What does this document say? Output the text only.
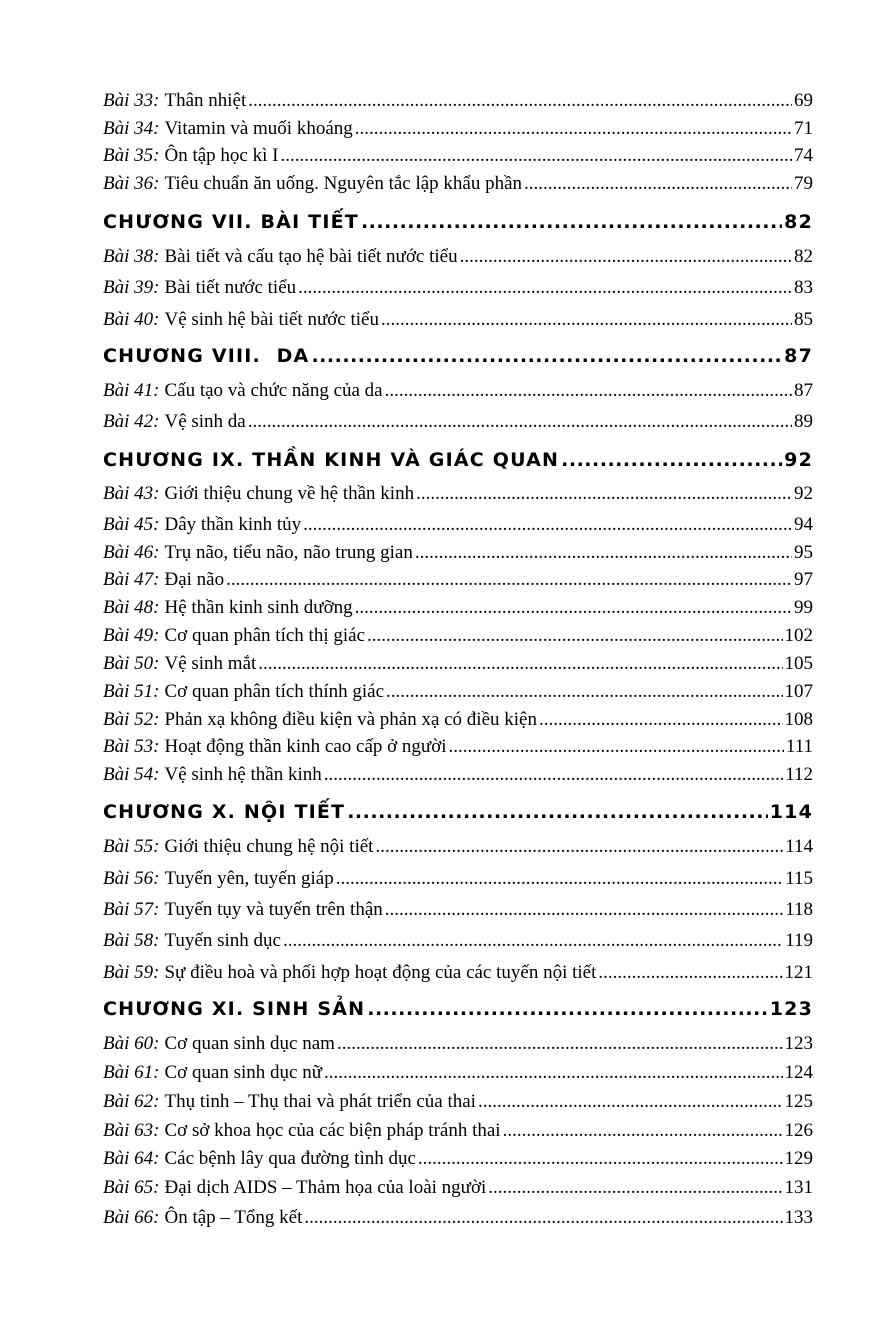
Bài 33: Thân nhiệt .....	69
Bài 34: Vitamin và muối khoáng .....	71
Bài 35: Ôn tập học kì I .....	74
Bài 36: Tiêu chuẩn ăn uống. Nguyên tắc lập khẩu phần .....	79
CHƯƠNG VII. BÀI TIẾT .....	82
Bài 38: Bài tiết và cấu tạo hệ bài tiết nước tiểu .....	82
Bài 39: Bài tiết nước tiểu .....	83
Bài 40: Vệ sinh hệ bài tiết nước tiểu .....	85
CHƯƠNG VIII.  DA .....	87
Bài 41: Cấu tạo và chức năng của da .....	87
Bài 42: Vệ sinh da .....	89
CHƯƠNG IX. THẦN KINH VÀ GIÁC QUAN .....	92
Bài 43: Giới thiệu chung về hệ thần kinh .....	92
Bài 45: Dây thần kinh tủy .....	94
Bài 46: Trụ não, tiểu não, não trung gian .....	95
Bài 47: Đại não .....	97
Bài 48: Hệ thần kinh sinh dưỡng .....	99
Bài 49: Cơ quan phân tích thị giác .....	102
Bài 50: Vệ sinh mắt .....	105
Bài 51: Cơ quan phân tích thính giác .....	107
Bài 52: Phản xạ không điều kiện và phản xạ có điều kiện .....	108
Bài 53: Hoạt động thần kinh cao cấp ở người .....	111
Bài 54: Vệ sinh hệ thần kinh .....	112
CHƯƠNG X. NỘI TIẾT .....	114
Bài 55: Giới thiệu chung hệ nội tiết .....	114
Bài 56: Tuyến yên, tuyến giáp .....	115
Bài 57: Tuyến tụy và tuyến trên thận .....	118
Bài 58: Tuyến sinh dục .....	119
Bài 59: Sự điều hoà và phối hợp hoạt động của các tuyến nội tiết .....	121
CHƯƠNG XI. SINH SẢN .....	123
Bài 60: Cơ quan sinh dục nam .....	123
Bài 61: Cơ quan sinh dục nữ .....	124
Bài 62: Thụ tinh – Thụ thai và phát triển của thai .....	125
Bài 63: Cơ sở khoa học của các biện pháp tránh thai .....	126
Bài 64: Các bệnh lây qua đường tình dục .....	129
Bài 65: Đại dịch AIDS – Thảm họa của loài người .....	131
Bài 66: Ôn tập – Tổng kết .....	133
